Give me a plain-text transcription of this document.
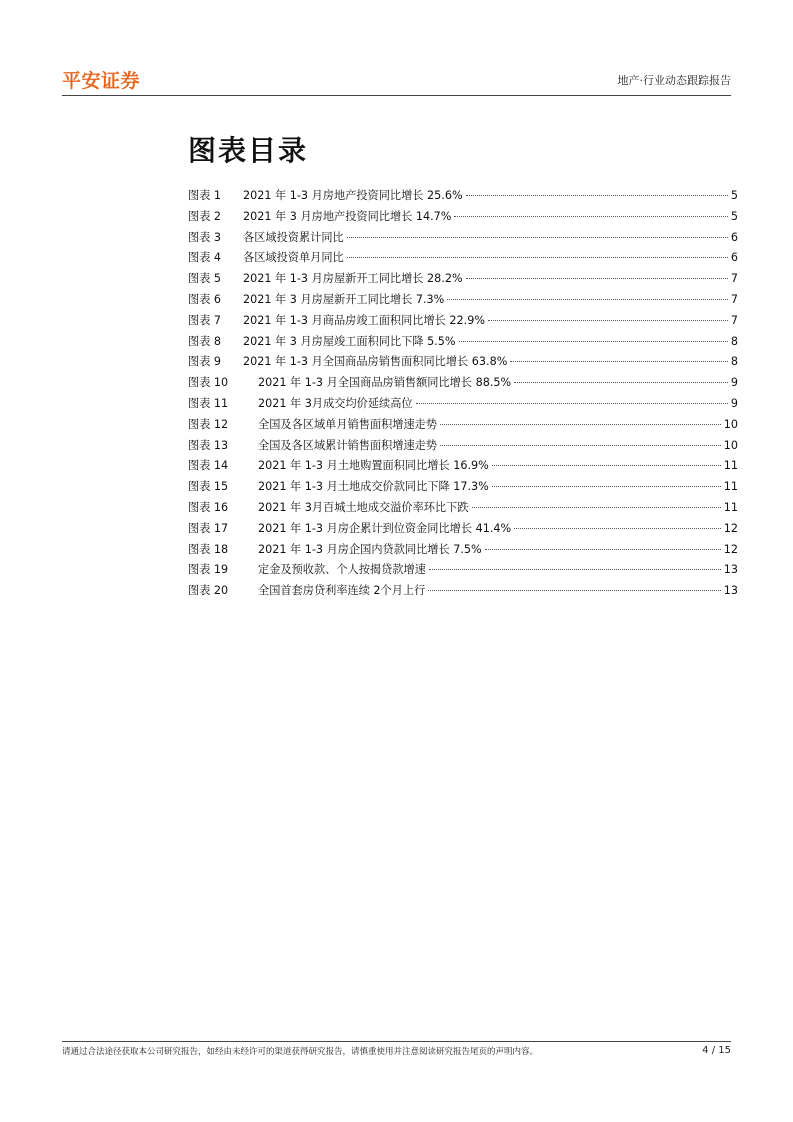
平安证券	地产·行业动态跟踪报告
图表目录
图表 1	2021 年 1-3 月房地产投资同比增长 25.6%	5
图表 2	2021 年 3 月房地产投资同比增长 14.7%	5
图表 3	各区域投资累计同比	6
图表 4	各区域投资单月同比	6
图表 5	2021 年 1-3 月房屋新开工同比增长 28.2%	7
图表 6	2021 年 3 月房屋新开工同比增长 7.3%	7
图表 7	2021 年 1-3 月商品房竣工面积同比增长 22.9%	7
图表 8	2021 年 3 月房屋竣工面积同比下降 5.5%	8
图表 9	2021 年 1-3 月全国商品房销售面积同比增长 63.8%	8
图表 10	2021 年 1-3 月全国商品房销售额同比增长 88.5%	9
图表 11	2021 年 3月成交均价延续高位	9
图表 12	全国及各区域单月销售面积增速走势	10
图表 13	全国及各区域累计销售面积增速走势	10
图表 14	2021 年 1-3 月土地购置面积同比增长 16.9%	11
图表 15	2021 年 1-3 月土地成交价款同比下降 17.3%	11
图表 16	2021 年 3月百城土地成交溢价率环比下跌	11
图表 17	2021 年 1-3 月房企累计到位资金同比增长 41.4%	12
图表 18	2021 年 1-3 月房企国内贷款同比增长 7.5%	12
图表 19	定金及预收款、个人按揭贷款增速	13
图表 20	全国首套房贷利率连续 2个月上行	13
请通过合法途径获取本公司研究报告，如经由未经许可的渠道获得研究报告，请慎重使用并注意阅读研究报告尾页的声明内容。	4 / 15
